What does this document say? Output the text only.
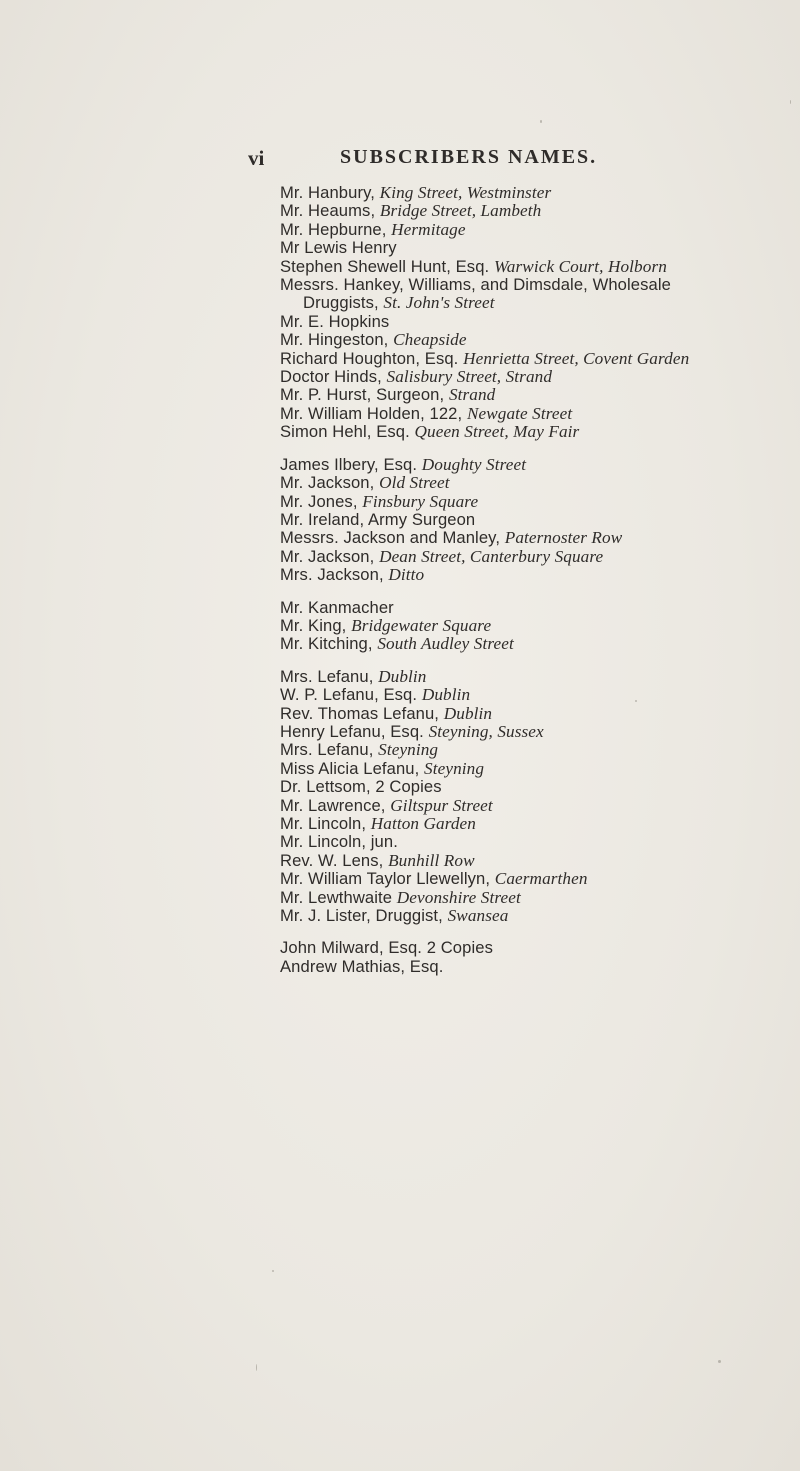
vi	SUBSCRIBERS NAMES.
Mr. Hanbury, King Street, Westminster
Mr. Heaums, Bridge Street, Lambeth
Mr. Hepburne, Hermitage
Mr Lewis Henry
Stephen Shewell Hunt, Esq. Warwick Court, Holborn
Messrs. Hankey, Williams, and Dimsdale, Wholesale
Druggists, St. John's Street
Mr. E. Hopkins
Mr. Hingeston, Cheapside
Richard Houghton, Esq. Henrietta Street, Covent Garden
Doctor Hinds, Salisbury Street, Strand
Mr. P. Hurst, Surgeon, Strand
Mr. William Holden, 122, Newgate Street
Simon Hehl, Esq. Queen Street, May Fair
James Ilbery, Esq. Doughty Street
Mr. Jackson, Old Street
Mr. Jones, Finsbury Square
Mr. Ireland, Army Surgeon
Messrs. Jackson and Manley, Paternoster Row
Mr. Jackson, Dean Street, Canterbury Square
Mrs. Jackson, Ditto
Mr. Kanmacher
Mr. King, Bridgewater Square
Mr. Kitching, South Audley Street
Mrs. Lefanu, Dublin
W. P. Lefanu, Esq. Dublin
Rev. Thomas Lefanu, Dublin
Henry Lefanu, Esq. Steyning, Sussex
Mrs. Lefanu, Steyning
Miss Alicia Lefanu, Steyning
Dr. Lettsom, 2 Copies
Mr. Lawrence, Giltspur Street
Mr. Lincoln, Hatton Garden
Mr. Lincoln, jun.
Rev. W. Lens, Bunhill Row
Mr. William Taylor Llewellyn, Caermarthen
Mr. Lewthwaite Devonshire Street
Mr. J. Lister, Druggist, Swansea
John Milward, Esq. 2 Copies
Andrew Mathias, Esq.
